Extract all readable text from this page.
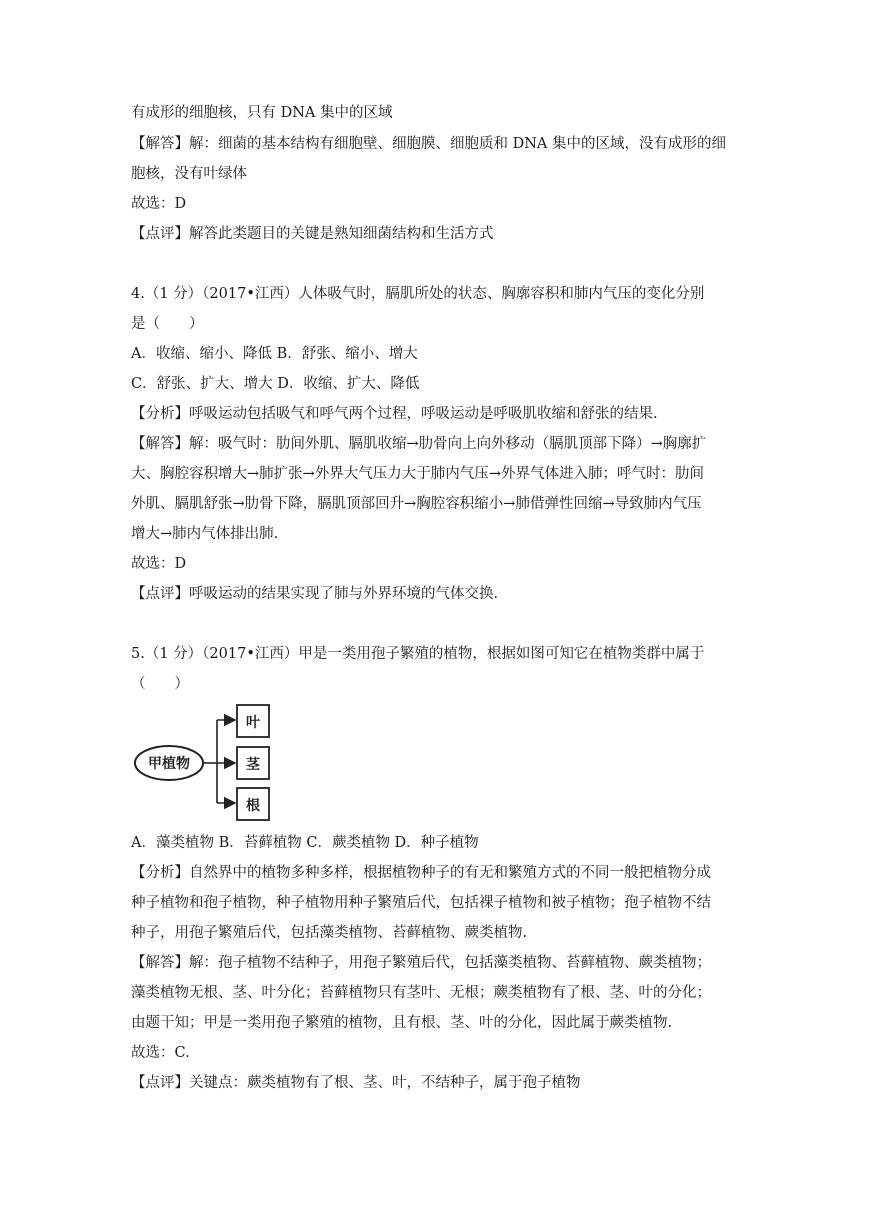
有成形的细胞核，只有 DNA 集中的区域
【解答】解：细菌的基本结构有细胞壁、细胞膜、细胞质和 DNA 集中的区域，没有成形的细
胞核，没有叶绿体
故选：D
【点评】解答此类题目的关键是熟知细菌结构和生活方式
4.（1 分）（2017•江西）人体吸气时，膈肌所处的状态、胸廓容积和肺内气压的变化分别
是（　　）
A．收缩、缩小、降低 B．舒张、缩小、增大
C．舒张、扩大、增大 D．收缩、扩大、降低
【分析】呼吸运动包括吸气和呼气两个过程，呼吸运动是呼吸肌收缩和舒张的结果.
【解答】解：吸气时：肋间外肌、膈肌收缩→肋骨向上向外移动（膈肌顶部下降）→胸廓扩
大、胸腔容积增大→肺扩张→外界大气压力大于肺内气压→外界气体进入肺；呼气时：肋间
外肌、膈肌舒张→肋骨下降，膈肌顶部回升→胸腔容积缩小→肺借弹性回缩→导致肺内气压
增大→肺内气体排出肺.
故选：D
【点评】呼吸运动的结果实现了肺与外界环境的气体交换.
5.（1 分）（2017•江西）甲是一类用孢子繁殖的植物，根据如图可知它在植物类群中属于
（　　）
甲植物
叶
茎
根
A．藻类植物 B．苔藓植物 C．蕨类植物 D．种子植物
【分析】自然界中的植物多种多样，根据植物种子的有无和繁殖方式的不同一般把植物分成
种子植物和孢子植物，种子植物用种子繁殖后代，包括裸子植物和被子植物；孢子植物不结
种子，用孢子繁殖后代，包括藻类植物、苔藓植物、蕨类植物.
【解答】解：孢子植物不结种子，用孢子繁殖后代，包括藻类植物、苔藓植物、蕨类植物；
藻类植物无根、茎、叶分化；苔藓植物只有茎叶、无根；蕨类植物有了根、茎、叶的分化；
由题干知；甲是一类用孢子繁殖的植物，且有根、茎、叶的分化，因此属于蕨类植物.
故选：C.
【点评】关键点：蕨类植物有了根、茎、叶，不结种子，属于孢子植物
